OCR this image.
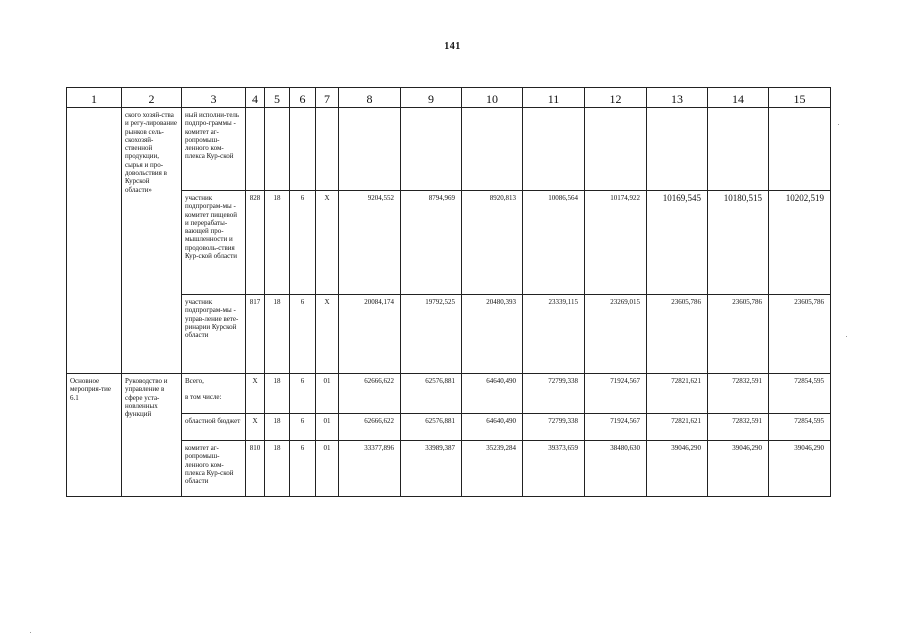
141
1	2	3	4	5	6	7	8	9	10	11	12	13	14	15
	ского хозяй-ства и регу-лирование рынков сель-скохозяй-ственной продукции, сырья и про-довольствия в Курской области»	ный исполни-тель подпро-граммы - комитет аг-ропромыш-ленного ком-плекса Кур-ской												
		участник подпрограм-мы - комитет пищевой и перерабаты-вающей про-мышленности и продоволь-ствия Кур-ской области	828	18	6	X	9204,552	8794,969	8920,813	10086,564	10174,922	10169,545	10180,515	10202,519
		участник подпрограм-мы - управ-ление вете-ринарии Курской области	817	18	6	X	20084,174	19792,525	20480,393	23339,115	23269,015	23605,786	23605,786	23605,786
Основное мероприя-тие 6.1	Руководство и управление в сфере уста-новленных функций	Всего,
в том числе:	X	18	6	01	62666,622	62576,881	64640,490	72799,338	71924,567	72821,621	72832,591	72854,595
		областной бюджет	X	18	6	01	62666,622	62576,881	64640,490	72799,338	71924,567	72821,621	72832,591	72854,595
		комитет аг-ропромыш-ленного ком-плекса Кур-ской области	810	18	6	01	33377,896	33989,387	35239,284	39373,659	38480,630	39046,290	39046,290	39046,290
